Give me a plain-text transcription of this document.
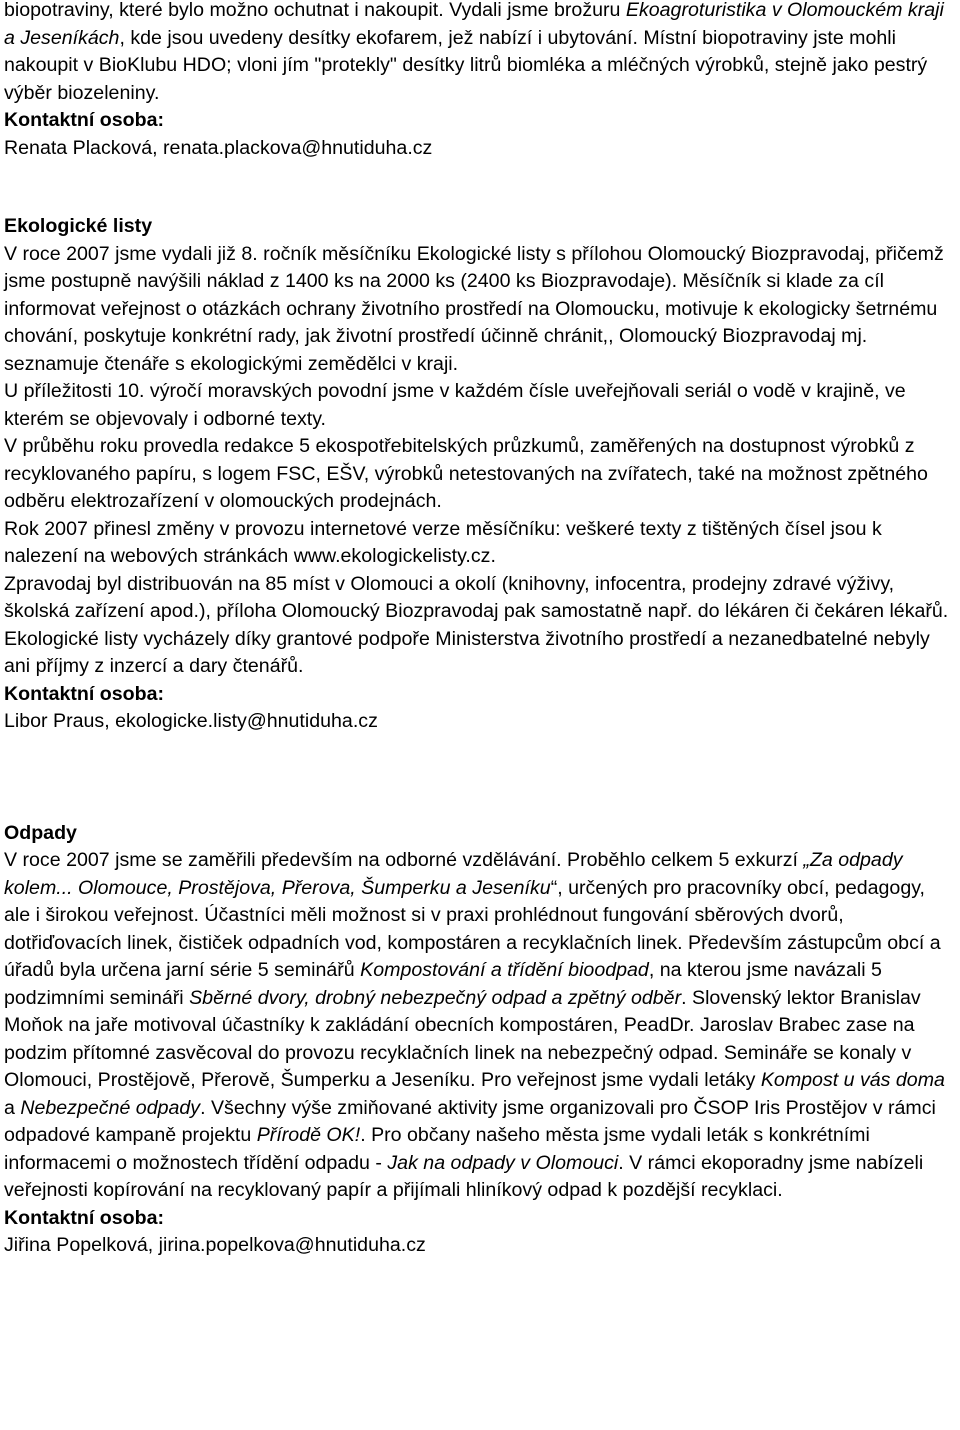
biopotraviny, které bylo možno ochutnat i nakoupit. Vydali jsme brožuru Ekoagroturistika v Olomouckém kraji a Jeseníkách, kde jsou uvedeny desítky ekofarem, jež nabízí i ubytování. Místní biopotraviny jste mohli nakoupit v BioKlubu HDO; vloni jím "protekly" desítky litrů biomléka a mléčných výrobků, stejně jako pestrý výběr biozeleniny.

Kontaktní osoba:

Renata Placková, renata.plackova@hnutiduha.cz

Ekologické listy

V roce 2007 jsme vydali již 8. ročník měsíčníku Ekologické listy s přílohou Olomoucký Biozpravodaj, přičemž jsme postupně navýšili náklad z 1400 ks na 2000 ks (2400 ks Biozpravodaje). Měsíčník si klade za cíl informovat veřejnost o otázkách ochrany životního prostředí na Olomoucku, motivuje k ekologicky šetrnému chování, poskytuje konkrétní rady, jak životní prostředí účinně chránit,, Olomoucký Biozpravodaj mj. seznamuje čtenáře s ekologickými zemědělci v kraji.

U příležitosti 10. výročí moravských povodní jsme v každém čísle uveřejňovali seriál o vodě v krajině, ve kterém se objevovaly i odborné texty.

V průběhu roku provedla redakce 5 ekospotřebitelských průzkumů, zaměřených na dostupnost výrobků z recyklovaného papíru, s logem FSC, EŠV, výrobků netestovaných na zvířatech, také na možnost zpětného odběru elektrozařízení v olomouckých prodejnách.

Rok 2007 přinesl změny v provozu internetové verze měsíčníku: veškeré texty z tištěných čísel jsou k nalezení na webových stránkách www.ekologickelisty.cz.

Zpravodaj byl distribuován na 85 míst v Olomouci a okolí (knihovny, infocentra, prodejny zdravé výživy, školská zařízení apod.), příloha Olomoucký Biozpravodaj pak samostatně např. do lékáren či čekáren lékařů. Ekologické listy vycházely díky grantové podpoře Ministerstva životního prostředí a nezanedbatelné nebyly ani příjmy z inzercí a dary čtenářů.

Kontaktní osoba:

Libor Praus, ekologicke.listy@hnutiduha.cz

Odpady

V roce 2007 jsme se zaměřili především na odborné vzdělávání. Proběhlo celkem 5 exkurzí „Za odpady kolem... Olomouce, Prostějova, Přerova, Šumperku a Jeseníku“, určených pro pracovníky obcí, pedagogy, ale i širokou veřejnost. Účastníci měli možnost si v praxi prohlédnout fungování sběrových dvorů, dotřiďovacích linek, čističek odpadních vod, kompostáren a recyklačních linek. Především zástupcům obcí a úřadů byla určena jarní série 5 seminářů Kompostování a třídění bioodpad, na kterou jsme navázali 5 podzimními semináři Sběrné dvory, drobný nebezpečný odpad a zpětný odběr. Slovenský lektor Branislav Moňok na jaře motivoval účastníky k zakládání obecních kompostáren, PeadDr. Jaroslav Brabec zase na podzim přítomné zasvěcoval do provozu recyklačních linek na nebezpečný odpad. Semináře se konaly v Olomouci, Prostějově, Přerově, Šumperku a Jeseníku. Pro veřejnost jsme vydali letáky Kompost u vás doma a Nebezpečné odpady. Všechny výše zmiňované aktivity jsme organizovali pro ČSOP Iris Prostějov v rámci odpadové kampaně projektu Přírodě OK!. Pro občany našeho města jsme vydali leták s konkrétními informacemi o možnostech třídění odpadu - Jak na odpady v Olomouci. V rámci ekoporadny jsme nabízeli veřejnosti kopírování na recyklovaný papír a přijímali hliníkový odpad k pozdější recyklaci.

Kontaktní osoba:

Jiřina Popelková, jirina.popelkova@hnutiduha.cz
